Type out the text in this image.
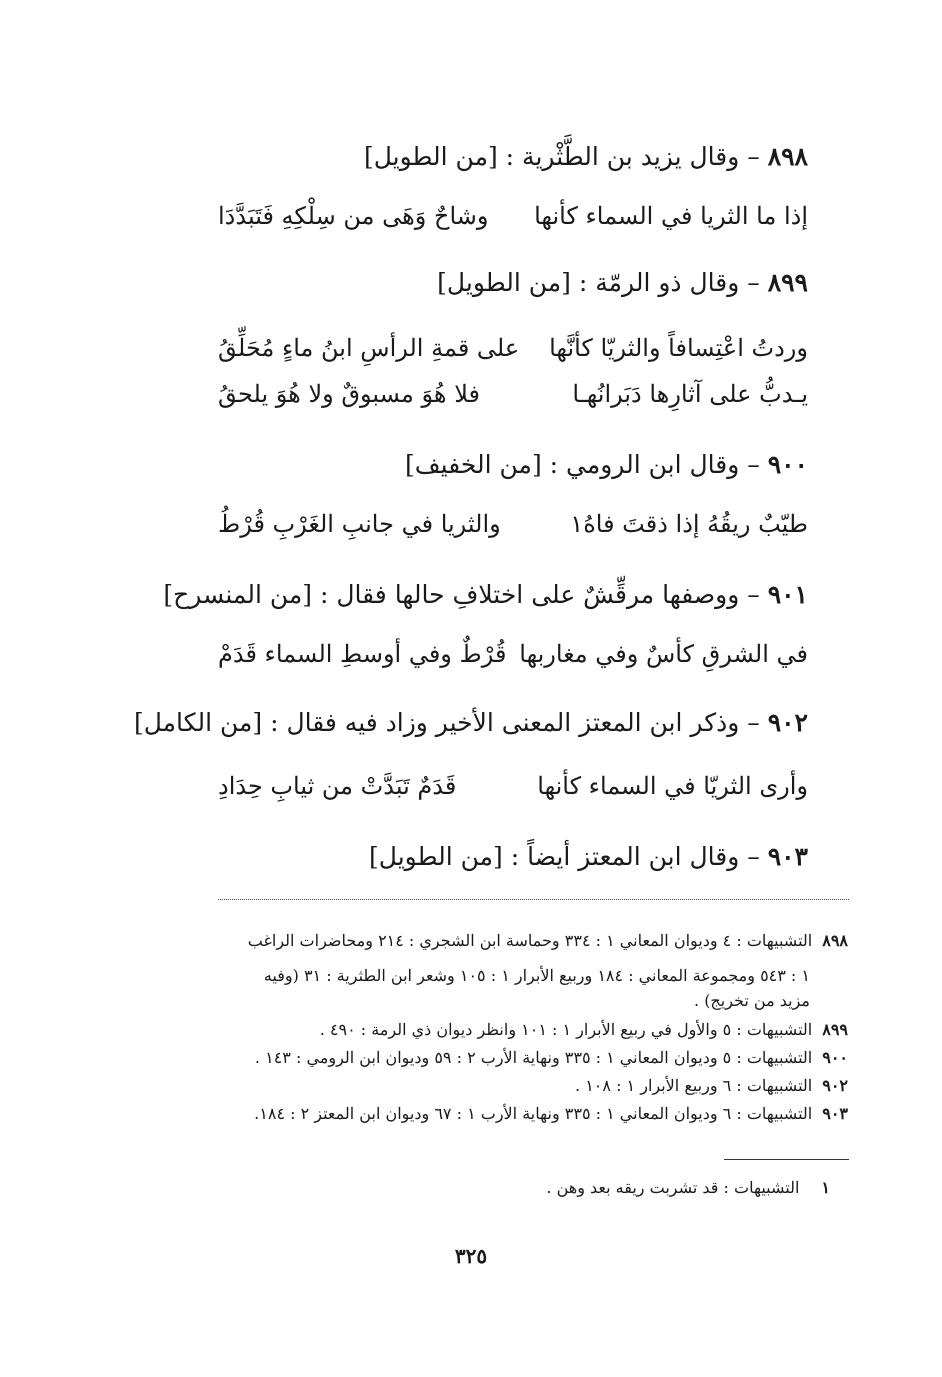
٨٩٨ – وقال يزيد بن الطَّثْرية : [من الطويل]
إذا ما الثريا في السماء كأنها
وشاحٌ وَهَى من سِلْكِهِ فَتَبَدَّدَا
٨٩٩ – وقال ذو الرمّة : [من الطويل]
وردتُ اعْتِسافاً والثريّا كأنَّها
على قمةِ الرأسِ ابنُ ماءٍ مُحَلِّقُ
يـدبُّ على آثارِها دَبَرانُهـا
فلا هُوَ مسبوقٌ ولا هُوَ يلحقُ
٩٠٠ – وقال ابن الرومي : [من الخفيف]
طيّبٌ ريقُهُ إذا ذقتَ فاهُ١
والثريا في جانبِ الغَرْبِ قُرْطُ
٩٠١ – ووصفها مرقِّشٌ على اختلافِ حالها فقال : [من المنسرح]
في الشرقِ كأسٌ وفي مغاربها
قُرْطٌ وفي أوسطِ السماء قَدَمْ
٩٠٢ – وذكر ابن المعتز المعنى الأخير وزاد فيه فقال : [من الكامل]
وأرى الثريّا في السماء كأنها
قَدَمٌ تَبَدَّتْ من ثيابِ حِدَادِ
٩٠٣ – وقال ابن المعتز أيضاً : [من الطويل]
٨٩٨التشبيهات : ٤ وديوان المعاني ١ : ٣٣٤ وحماسة ابن الشجري : ٢١٤ ومحاضرات الراغب
١ : ٥٤٣ ومجموعة المعاني : ١٨٤ وربيع الأبرار ١ : ١٠٥ وشعر ابن الطثرية : ٣١ (وفيه
مزيد من تخريج) .
٨٩٩التشبيهات : ٥ والأول في ربيع الأبرار ١ : ١٠١ وانظر ديوان ذي الرمة : ٤٩٠ .
٩٠٠التشبيهات : ٥ وديوان المعاني ١ : ٣٣٥ ونهاية الأرب ٢ : ٥٩ وديوان ابن الرومي : ١٤٣ .
٩٠٢التشبيهات : ٦ وربيع الأبرار ١ : ١٠٨ .
٩٠٣التشبيهات : ٦ وديوان المعاني ١ : ٣٣٥ ونهاية الأرب ١ : ٦٧ وديوان ابن المعتز ٢ : ١٨٤.
١التشبيهات : قد تشربت ريقه بعد وهن .
٣٢٥
